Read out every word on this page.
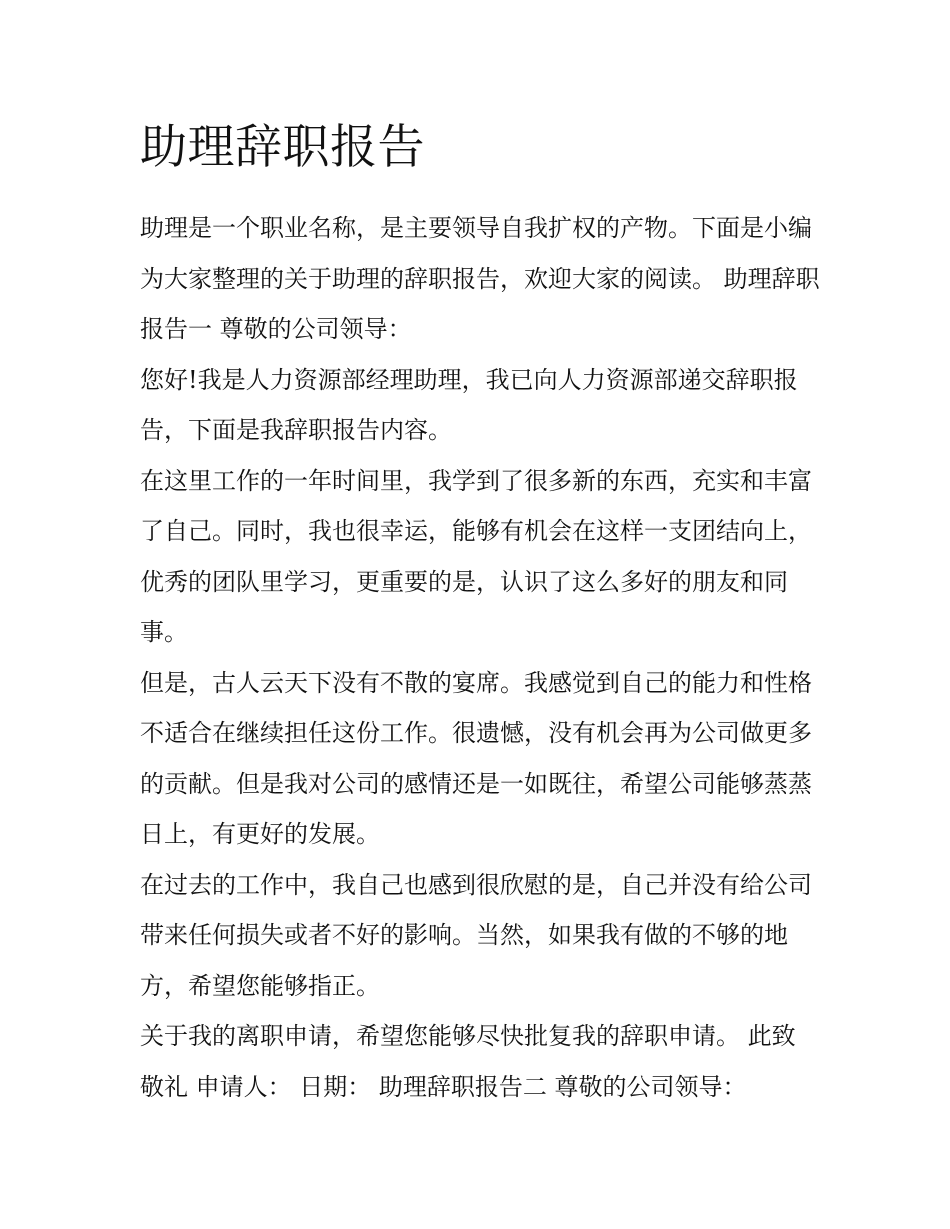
助理辞职报告

助理是一个职业名称，是主要领导自我扩权的产物。下面是小编为大家整理的关于助理的辞职报告，欢迎大家的阅读。 助理辞职报告一 尊敬的公司领导：

您好!我是人力资源部经理助理，我已向人力资源部递交辞职报告，下面是我辞职报告内容。

在这里工作的一年时间里，我学到了很多新的东西，充实和丰富了自己。同时，我也很幸运，能够有机会在这样一支团结向上，优秀的团队里学习，更重要的是，认识了这么多好的朋友和同事。

但是，古人云天下没有不散的宴席。我感觉到自己的能力和性格不适合在继续担任这份工作。很遗憾，没有机会再为公司做更多的贡献。但是我对公司的感情还是一如既往，希望公司能够蒸蒸日上，有更好的发展。

在过去的工作中，我自己也感到很欣慰的是，自己并没有给公司带来任何损失或者不好的影响。当然，如果我有做的不够的地方，希望您能够指正。

关于我的离职申请，希望您能够尽快批复我的辞职申请。 此致 敬礼 申请人： 日期： 助理辞职报告二 尊敬的公司领导：
